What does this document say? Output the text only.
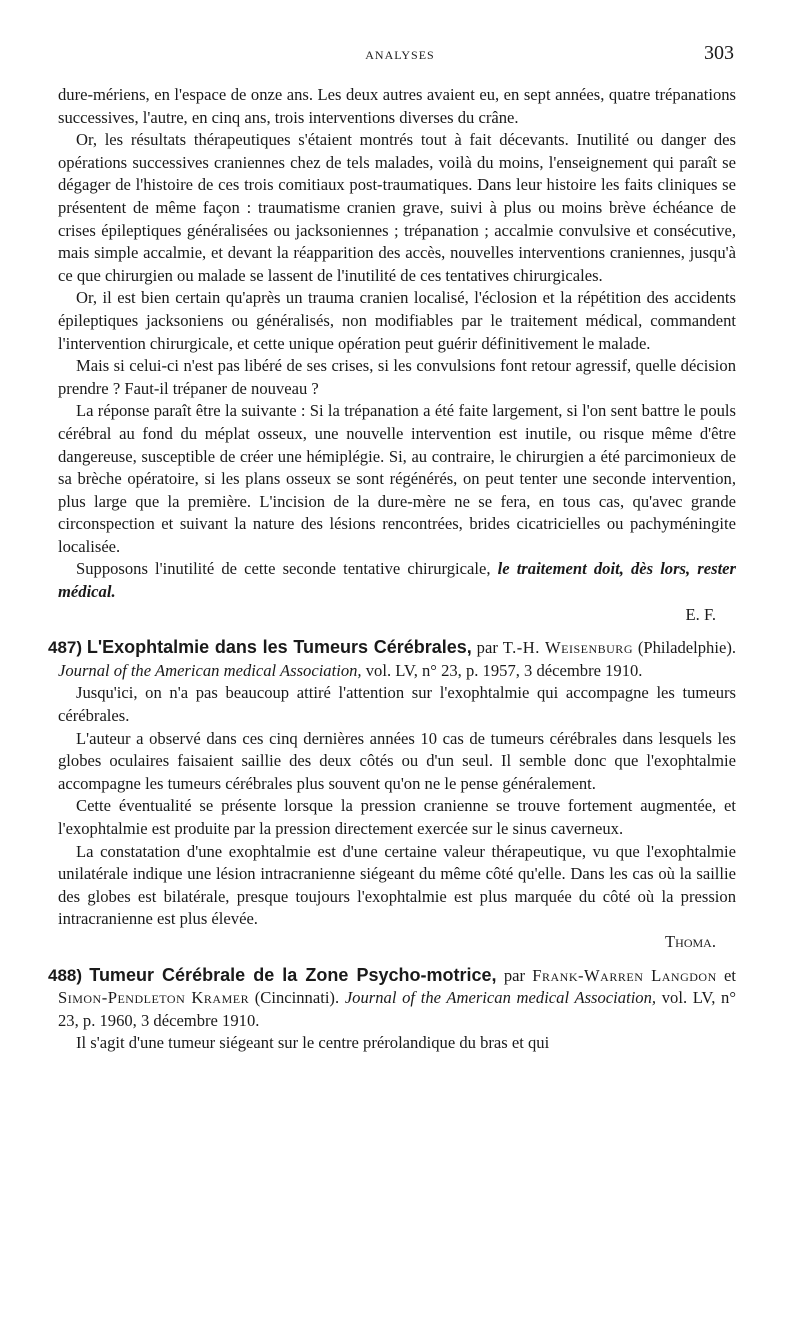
ANALYSES	303

dure-mériens, en l'espace de onze ans. Les deux autres avaient eu, en sept années, quatre trépanations successives, l'autre, en cinq ans, trois interventions diverses du crâne.

Or, les résultats thérapeutiques s'étaient montrés tout à fait décevants. Inutilité ou danger des opérations successives craniennes chez de tels malades, voilà du moins, l'enseignement qui paraît se dégager de l'histoire de ces trois comitiaux post-traumatiques. Dans leur histoire les faits cliniques se présentent de même façon : traumatisme cranien grave, suivi à plus ou moins brève échéance de crises épileptiques généralisées ou jacksoniennes ; trépanation ; accalmie convulsive et consécutive, mais simple accalmie, et devant la réapparition des accès, nouvelles interventions craniennes, jusqu'à ce que chirurgien ou malade se lassent de l'inutilité de ces tentatives chirurgicales.

Or, il est bien certain qu'après un trauma cranien localisé, l'éclosion et la répétition des accidents épileptiques jacksoniens ou généralisés, non modifiables par le traitement médical, commandent l'intervention chirurgicale, et cette unique opération peut guérir définitivement le malade.

Mais si celui-ci n'est pas libéré de ses crises, si les convulsions font retour agressif, quelle décision prendre ? Faut-il trépaner de nouveau ?

La réponse paraît être la suivante : Si la trépanation a été faite largement, si l'on sent battre le pouls cérébral au fond du méplat osseux, une nouvelle intervention est inutile, ou risque même d'être dangereuse, susceptible de créer une hémiplégie. Si, au contraire, le chirurgien a été parcimonieux de sa brèche opératoire, si les plans osseux se sont régénérés, on peut tenter une seconde intervention, plus large que la première. L'incision de la dure-mère ne se fera, en tous cas, qu'avec grande circonspection et suivant la nature des lésions rencontrées, brides cicatricielles ou pachyméningite localisée.

Supposons l'inutilité de cette seconde tentative chirurgicale, le traitement doit, dès lors, rester médical.

E. F.

487) L'Exophtalmie dans les Tumeurs Cérébrales, par T.-H. Weisenburg (Philadelphie). Journal of the American medical Association, vol. LV, n° 23, p. 1957, 3 décembre 1910.

Jusqu'ici, on n'a pas beaucoup attiré l'attention sur l'exophtalmie qui accompagne les tumeurs cérébrales.

L'auteur a observé dans ces cinq dernières années 10 cas de tumeurs cérébrales dans lesquels les globes oculaires faisaient saillie des deux côtés ou d'un seul. Il semble donc que l'exophtalmie accompagne les tumeurs cérébrales plus souvent qu'on ne le pense généralement.

Cette éventualité se présente lorsque la pression cranienne se trouve fortement augmentée, et l'exophtalmie est produite par la pression directement exercée sur le sinus caverneux.

La constatation d'une exophtalmie est d'une certaine valeur thérapeutique, vu que l'exophtalmie unilatérale indique une lésion intracranienne siégeant du même côté qu'elle. Dans les cas où la saillie des globes est bilatérale, presque toujours l'exophtalmie est plus marquée du côté où la pression intracranienne est plus élevée.

Thoma.

488) Tumeur Cérébrale de la Zone Psycho-motrice, par Frank-Warren Langdon et Simon-Pendleton Kramer (Cincinnati). Journal of the American medical Association, vol. LV, n° 23, p. 1960, 3 décembre 1910.

Il s'agit d'une tumeur siégeant sur le centre prérolandique du bras et qui
